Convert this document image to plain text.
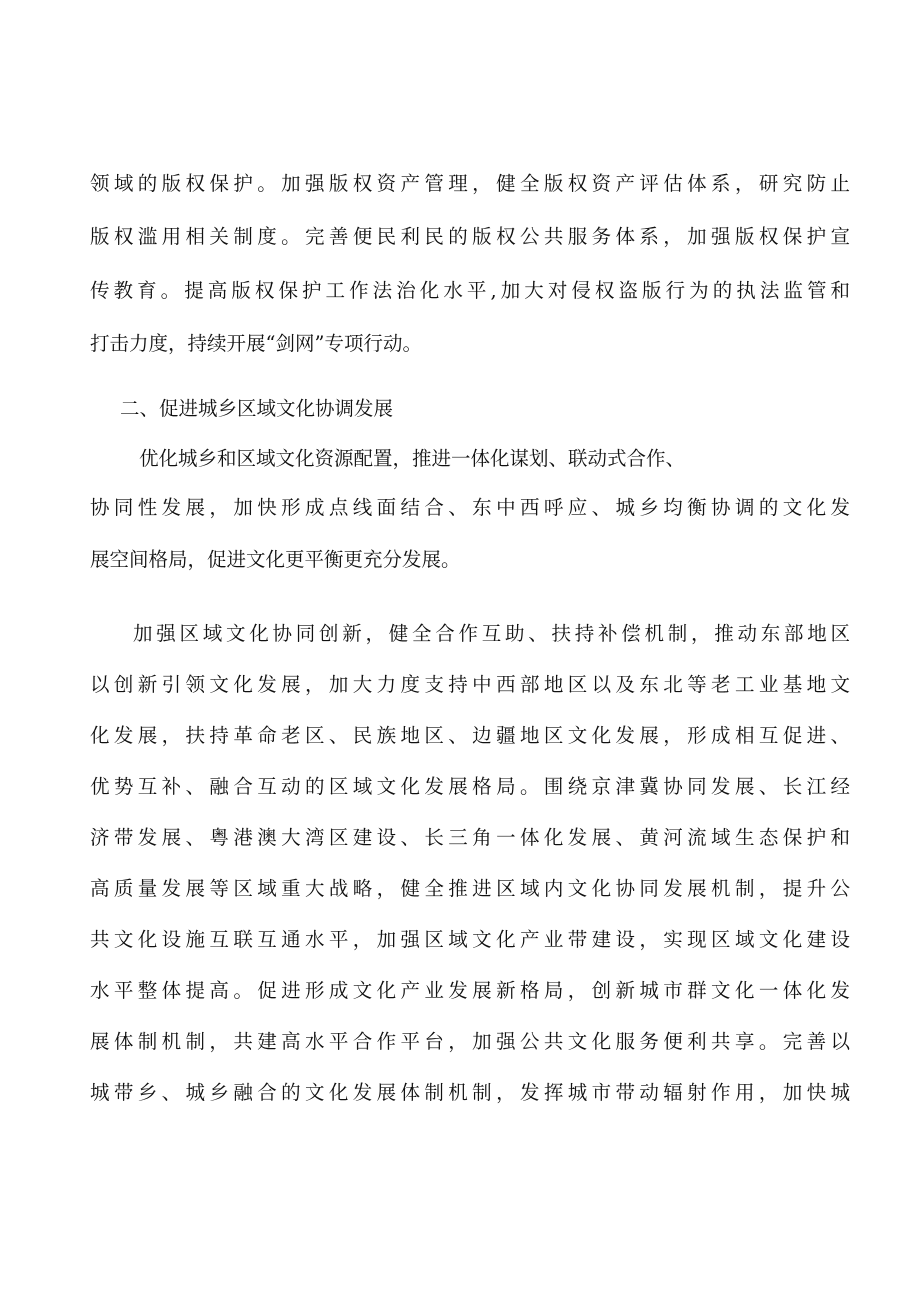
领域的版权保护。加强版权资产管理，健全版权资产评估体系，研究防止
版权滥用相关制度。完善便民利民的版权公共服务体系，加强版权保护宣
传教育。提高版权保护工作法治化水平,加大对侵权盗版行为的执法监管和
打击力度，持续开展“剑网”专项行动。
二、促进城乡区域文化协调发展
优化城乡和区域文化资源配置，推进一体化谋划、联动式合作、
协同性发展，加快形成点线面结合、东中西呼应、城乡均衡协调的文化发
展空间格局，促进文化更平衡更充分发展。
加强区域文化协同创新，健全合作互助、扶持补偿机制，推动东部地区
以创新引领文化发展，加大力度支持中西部地区以及东北等老工业基地文
化发展，扶持革命老区、民族地区、边疆地区文化发展，形成相互促进、
优势互补、融合互动的区域文化发展格局。围绕京津冀协同发展、长江经
济带发展、粤港澳大湾区建设、长三角一体化发展、黄河流域生态保护和
高质量发展等区域重大战略，健全推进区域内文化协同发展机制，提升公
共文化设施互联互通水平，加强区域文化产业带建设，实现区域文化建设
水平整体提高。促进形成文化产业发展新格局，创新城市群文化一体化发
展体制机制，共建高水平合作平台，加强公共文化服务便利共享。完善以
城带乡、城乡融合的文化发展体制机制，发挥城市带动辐射作用，加快城
